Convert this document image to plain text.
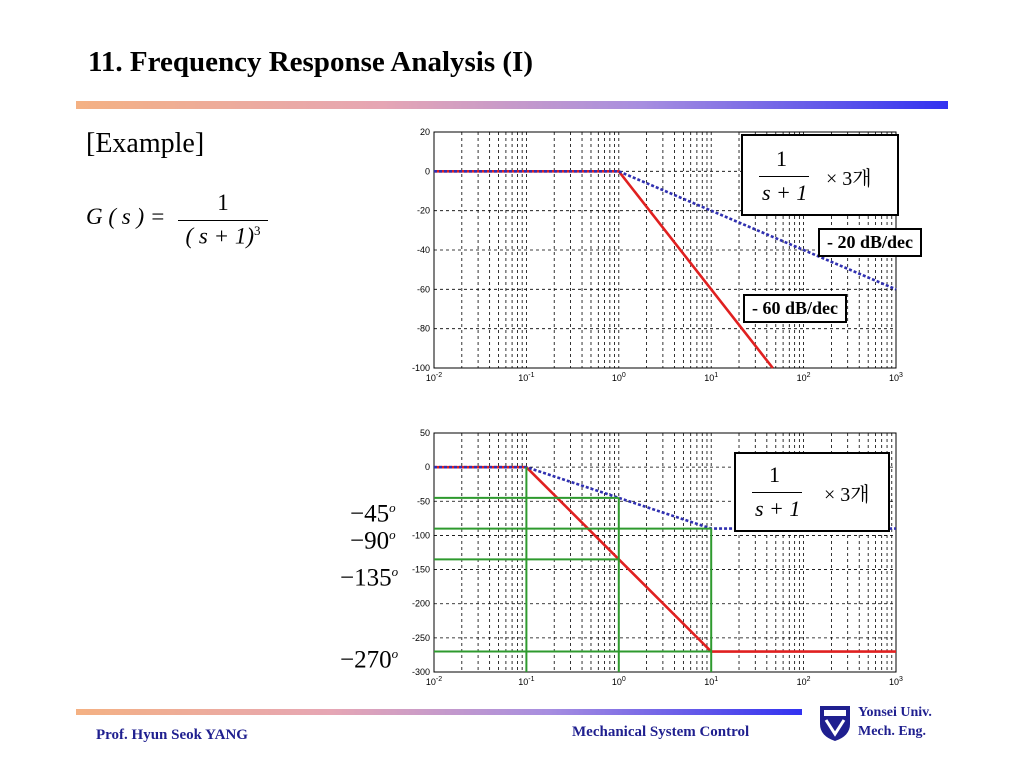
11. Frequency Response Analysis (I)
[Example]
G ( s ) =
1
( s + 1)$^3$
20
0
-20
-40
-60
-80
-100
$10^{-2}$	$10^{-1}$	$10^0$	$10^1$	$10^2$	$10^3$
50
0
-50
-100
-150
-200
-250
-300
$10^{-2}$	$10^{-1}$	$10^0$	$10^1$	$10^2$	$10^3$
1
s + 1
× 3개
1
s + 1
× 3개
- 20 dB/dec
- 60 dB/dec
$-45^o$
$-90^o$
$-135^o$
$-270^o$
Prof. Hyun Seok YANG	Mechanical System Control
Yonsei Univ.
Mech. Eng.
